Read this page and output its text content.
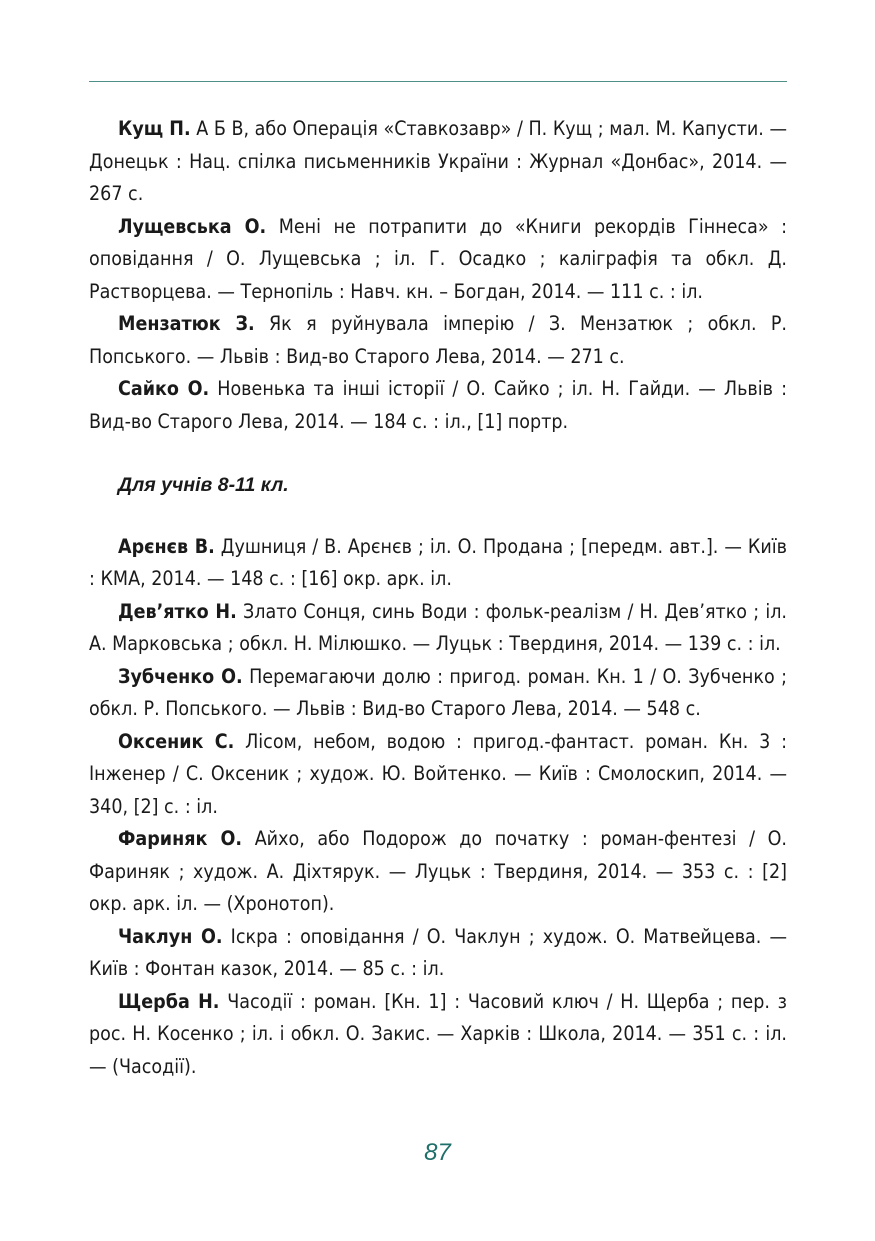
Кущ П. А Б В, або Операція «Ставкозавр» / П. Кущ ; мал. М. Капусти. — Донецьк : Нац. спілка письменників України : Журнал «Донбас», 2014. — 267 с.

Лущевська О. Мені не потрапити до «Книги рекордів Гіннеса» : оповідання / О. Лущевська ; іл. Г. Осадко ; каліграфія та обкл. Д. Растворцева. — Тернопіль : Навч. кн. – Богдан, 2014. — 111 с. : іл.

Мензатюк З. Як я руйнувала імперію / З. Мензатюк ; обкл. Р. Попського. — Львів : Вид-во Старого Лева, 2014. — 271 с.

Сайко О. Новенька та інші історії / О. Сайко ; іл. Н. Гайди. — Львів : Вид-во Старого Лева, 2014. — 184 с. : іл., [1] портр.

Для учнів 8-11 кл.

Арєнєв В. Душниця / В. Арєнєв ; іл. О. Продана ; [передм. авт.]. — Київ : КМА, 2014. — 148 с. : [16] окр. арк. іл.

Дев’ятко Н. Злато Сонця, синь Води : фольк-реалізм / Н. Дев’ятко ; іл. А. Марковська ; обкл. Н. Мілюшко. — Луцьк : Твердиня, 2014. — 139 с. : іл.

Зубченко О. Перемагаючи долю : пригод. роман. Кн. 1 / О. Зубченко ; обкл. Р. Попського. — Львів : Вид-во Старого Лева, 2014. — 548 с.

Оксеник С. Лісом, небом, водою : пригод.-фантаст. роман. Кн. 3 : Інженер / С. Оксеник ; худож. Ю. Войтенко. — Київ : Смолоскип, 2014. — 340, [2] с. : іл.

Фариняк О. Айхо, або Подорож до початку : роман-фентезі / О. Фариняк ; худож. А. Діхтярук. — Луцьк : Твердиня, 2014. — 353 с. : [2] окр. арк. іл. — (Хронотоп).

Чаклун О. Іскра : оповідання / О. Чаклун ; худож. О. Матвейцева. — Київ : Фонтан казок, 2014. — 85 с. : іл.

Щерба Н. Часодії : роман. [Кн. 1] : Часовий ключ / Н. Щерба ; пер. з рос. Н. Косенко ; іл. і обкл. О. Закис. — Харків : Школа, 2014. — 351 с. : іл. — (Часодії).

87
